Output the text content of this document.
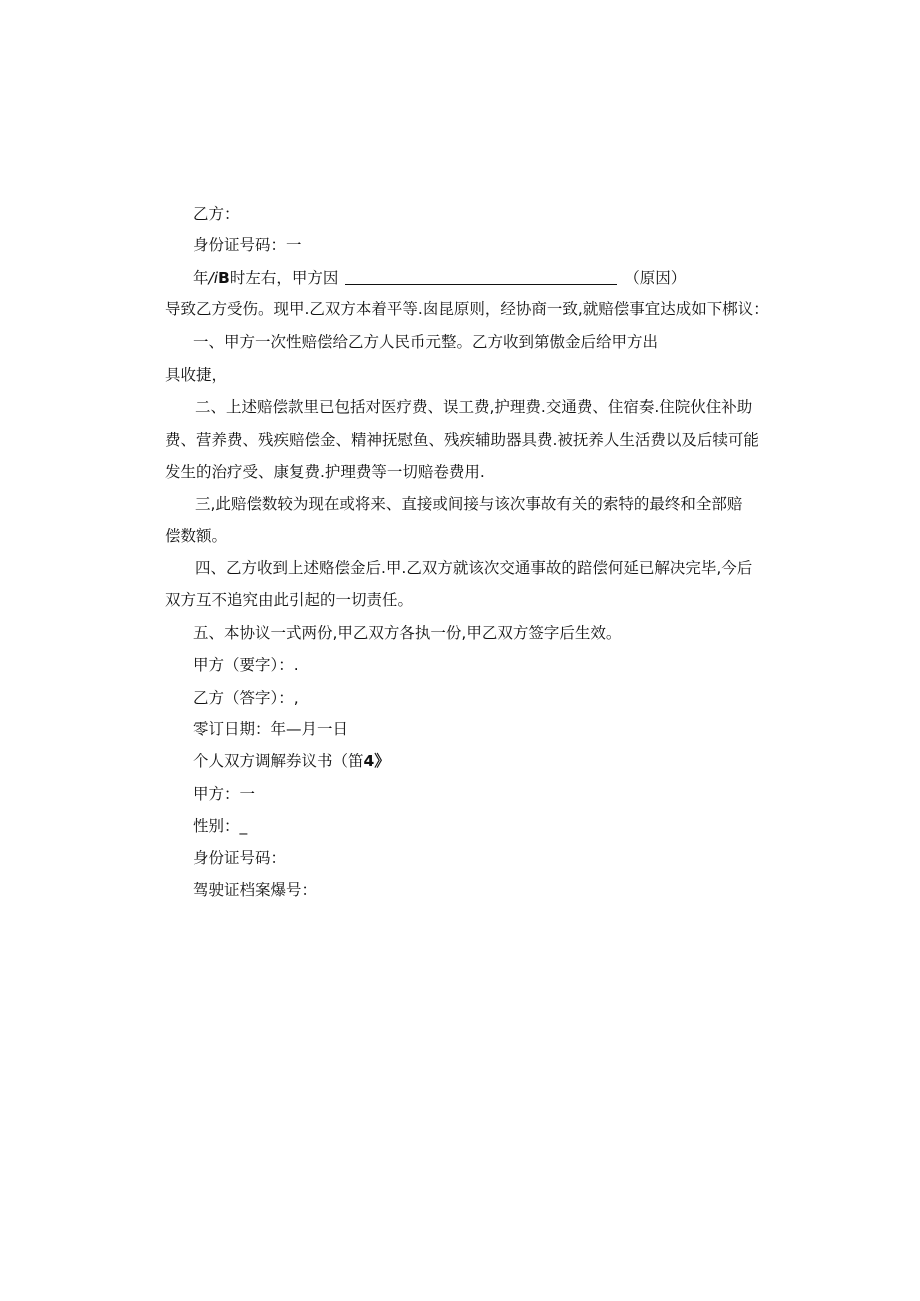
乙方：
身份证号码：一
年/iB时左右，甲方因	（原因）
导致乙方受伤。现甲.乙双方本着平等.囱昆原则，经协商一致,就赔偿事宜达成如下梆议：
一、甲方一次性赔偿给乙方人民币元整。乙方收到第傲金后给甲方出
具收捷，
二、上述赔偿款里已包括对医疗费、误工费,护理费.交通费、住宿奏.住院伙住补助
费、营养费、残疾赔偿金、精神抚慰鱼、残疾辅助器具费.被抚养人生活费以及后犊可能
发生的治疗受、康复费.护理费等一切赔卷费用.
三,此赔偿数较为现在或将来、直接或间接与该次事故有关的索特的最终和全部赔
偿数额。
四、乙方收到上述赂偿金后.甲.乙双方就该次交通事故的踣偿何延已解决完毕,今后
双方互不追究由此引起的一切责任。
五、本协议一式两份,甲乙双方各执一份,甲乙双方签字后生效。
甲方（要字）：.
乙方（答字）：,
零订日期：年—月一日
个人双方调解券议书（笛4》
甲方：一
性别：_
身份证号码：
驾驶证档案爆号：
